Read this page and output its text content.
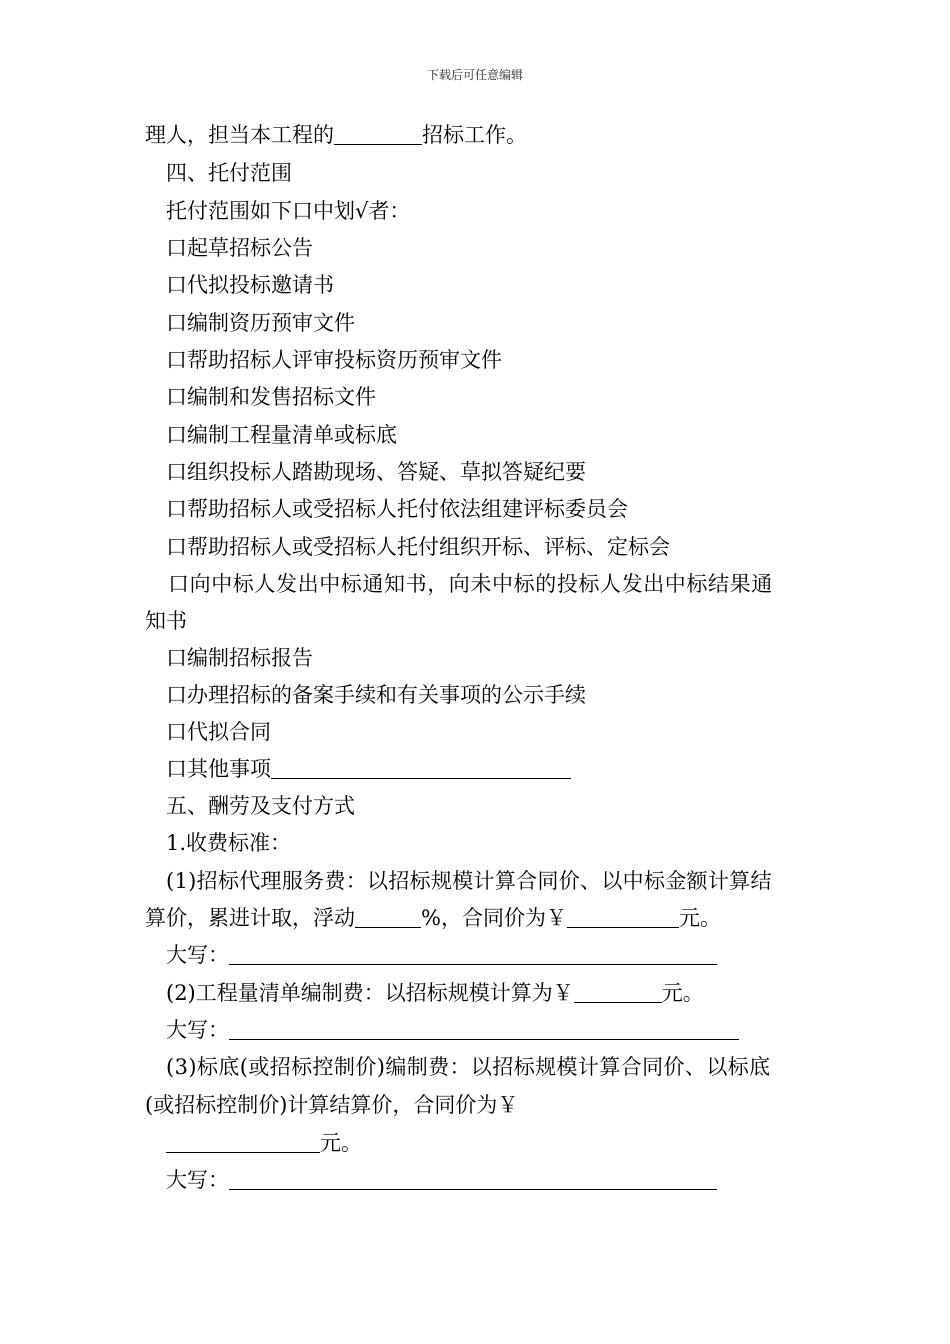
下载后可任意编辑
理人，担当本工程的	招标工作。
四、托付范围
托付范围如下口中划√者：
口起草招标公告
口代拟投标邀请书
口编制资历预审文件
口帮助招标人评审投标资历预审文件
口编制和发售招标文件
口编制工程量清单或标底
口组织投标人踏勘现场、答疑、草拟答疑纪要
口帮助招标人或受招标人托付依法组建评标委员会
口帮助招标人或受招标人托付组织开标、评标、定标会
口向中标人发出中标通知书，向未中标的投标人发出中标结果通
知书
口编制招标报告
口办理招标的备案手续和有关事项的公示手续
口代拟合同
口其他事项
五、酬劳及支付方式
1.收费标准：
(1)招标代理服务费：以招标规模计算合同价、以中标金额计算结
算价，累进计取，浮动	%，合同价为￥	元。
大写：
(2)工程量清单编制费：以招标规模计算为￥	元。
大写：
(3)标底(或招标控制价)编制费：以招标规模计算合同价、以标底
(或招标控制价)计算结算价，合同价为￥
元。
大写：
